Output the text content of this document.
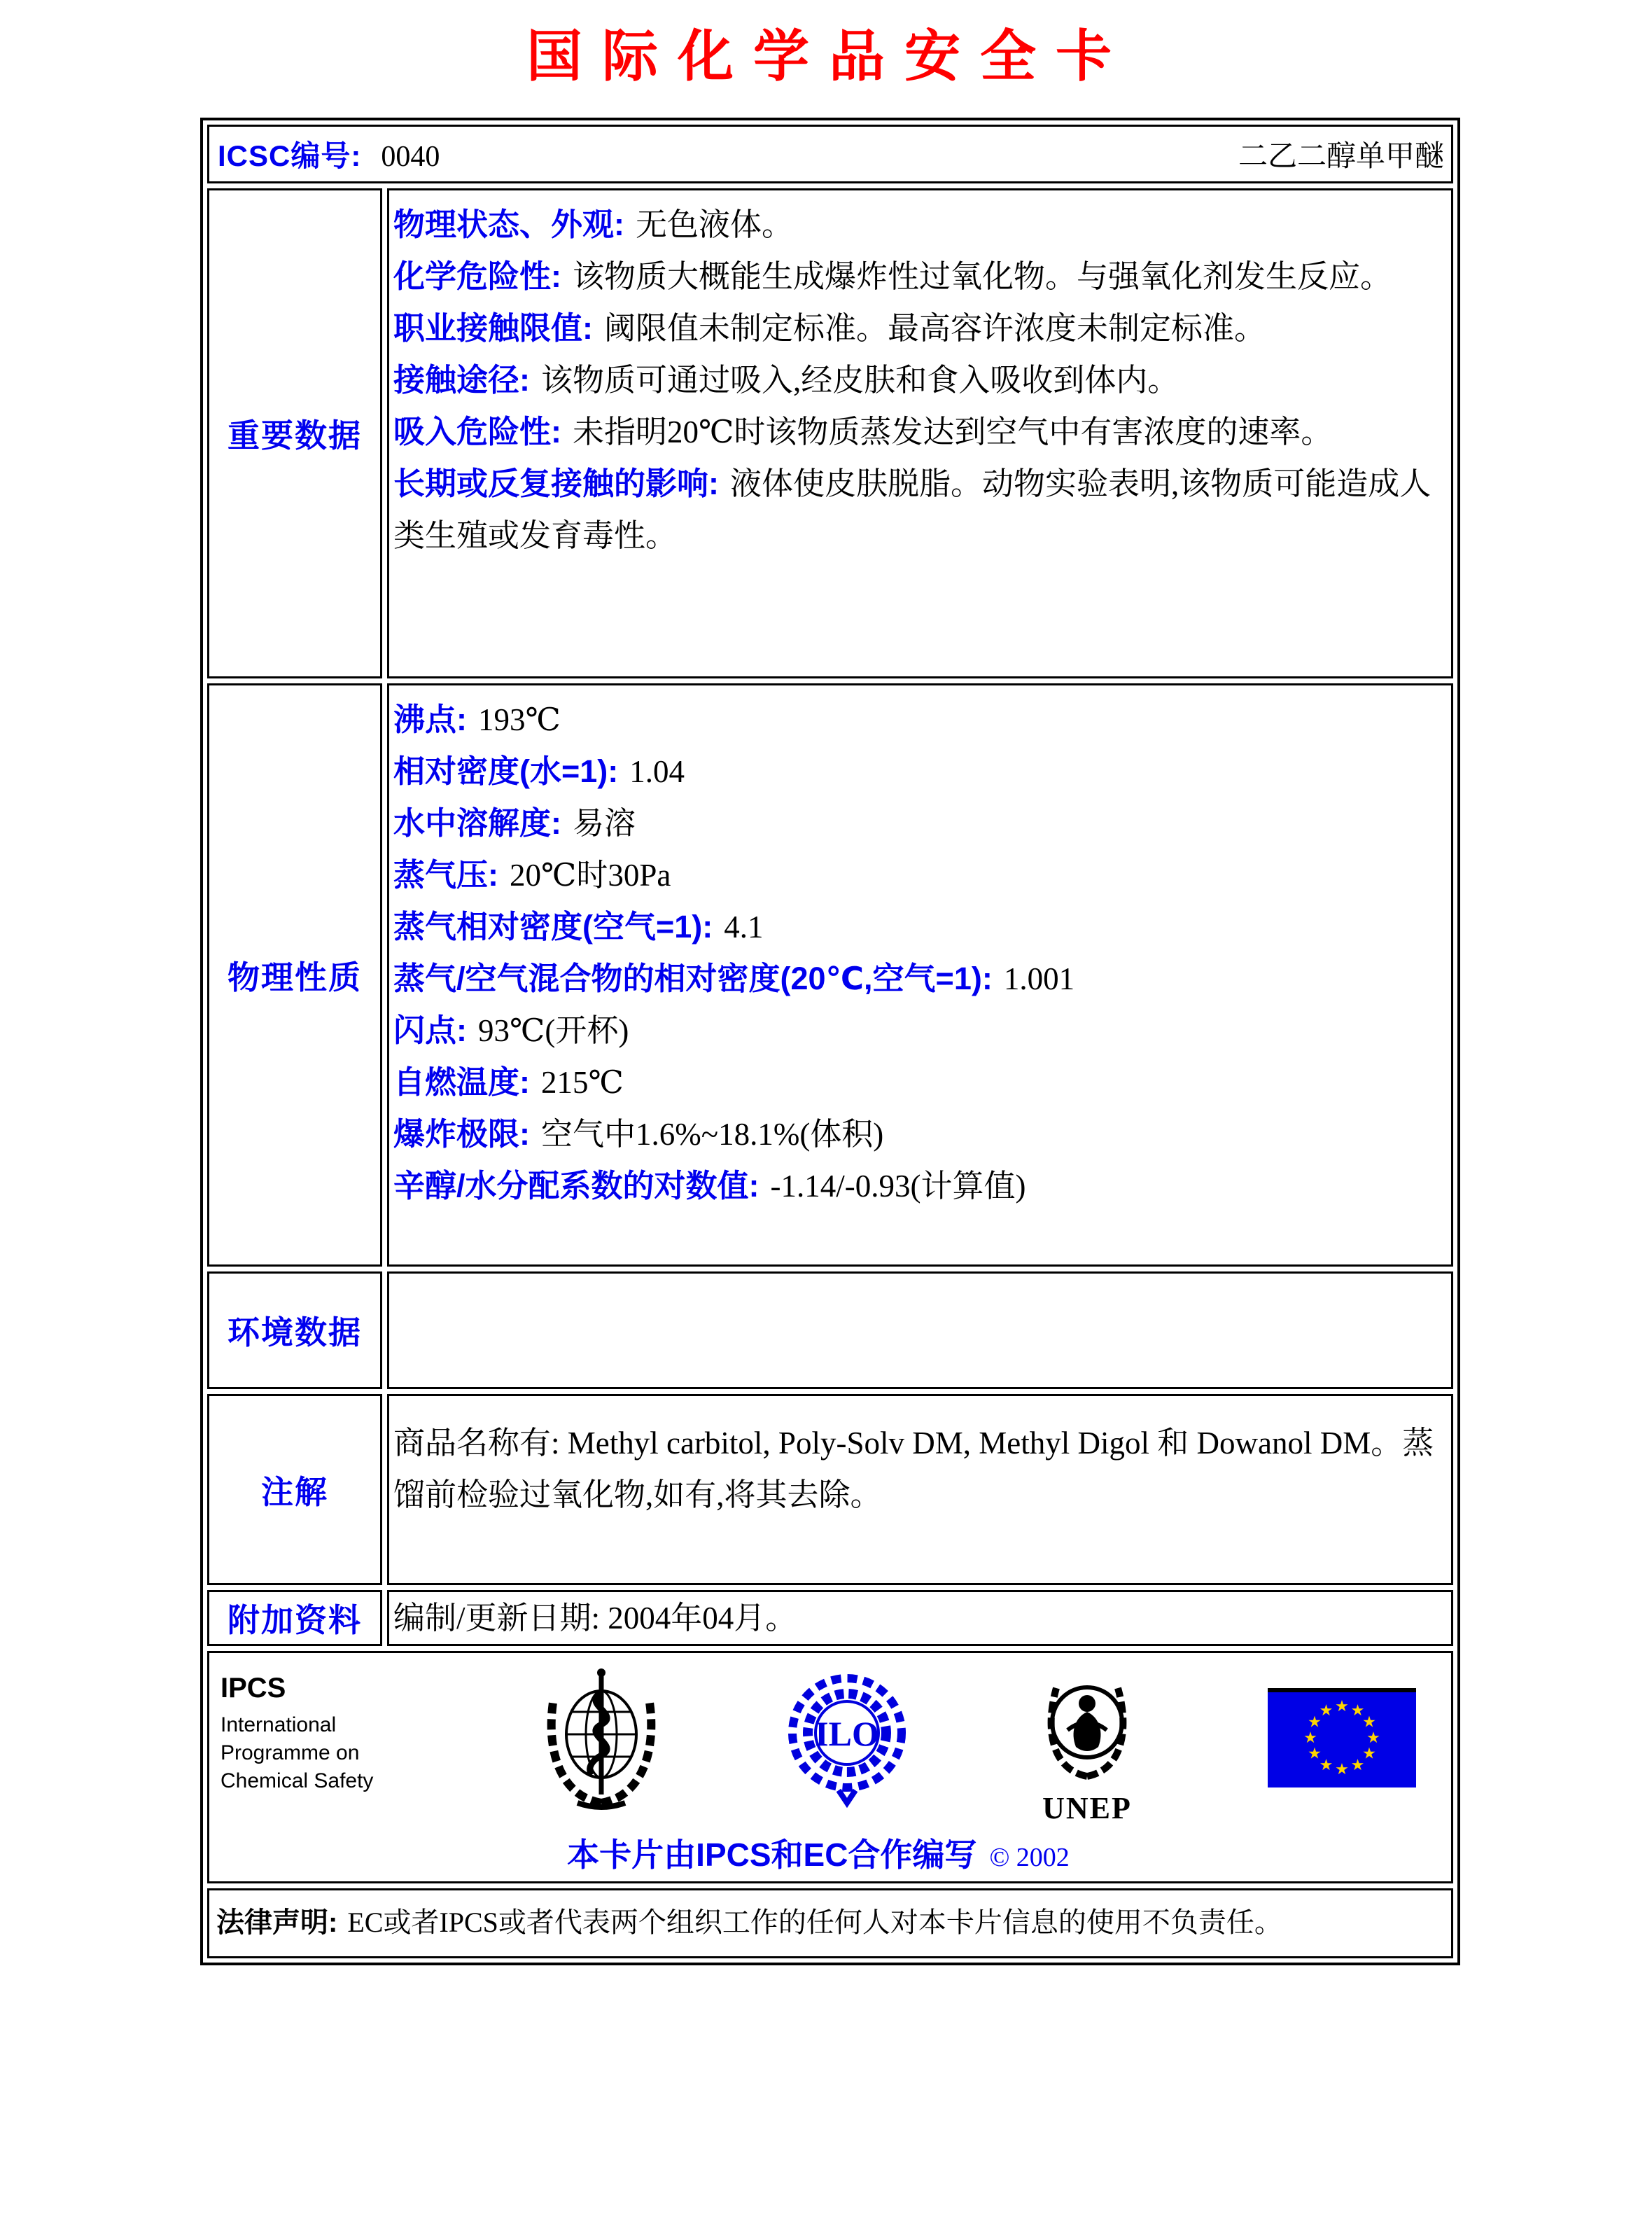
国际化学品安全卡
ICSC编号: 0040	二乙二醇单甲醚
重要数据

物理状态、外观: 无色液体。

化学危险性: 该物质大概能生成爆炸性过氧化物。与强氧化剂发生反应。

职业接触限值: 阈限值未制定标准。最高容许浓度未制定标准。

接触途径: 该物质可通过吸入,经皮肤和食入吸收到体内。

吸入危险性: 未指明20℃时该物质蒸发达到空气中有害浓度的速率。

长期或反复接触的影响: 液体使皮肤脱脂。动物实验表明,该物质可能造成人类生殖或发育毒性。

物理性质

沸点: 193℃

相对密度(水=1): 1.04

水中溶解度: 易溶

蒸气压: 20℃时30Pa

蒸气相对密度(空气=1): 4.1

蒸气/空气混合物的相对密度(20℃,空气=1): 1.001

闪点: 93℃(开杯)

自燃温度: 215℃

爆炸极限: 空气中1.6%~18.1%(体积)

辛醇/水分配系数的对数值: -1.14/-0.93(计算值)

环境数据
注解

商品名称有: Methyl carbitol, Poly-Solv DM, Methyl Digol 和 Dowanol DM。蒸馏前检验过氧化物,如有,将其去除。

附加资料	编制/更新日期: 2004年04月。

IPCS
International
Programme on
Chemical Safety
ILO
UNEP
★ ★
★
★
★
★
★
★
★
★
★
★
本卡片由IPCS和EC合作编写 © 2002
法律声明: EC或者IPCS或者代表两个组织工作的任何人对本卡片信息的使用不负责任。
